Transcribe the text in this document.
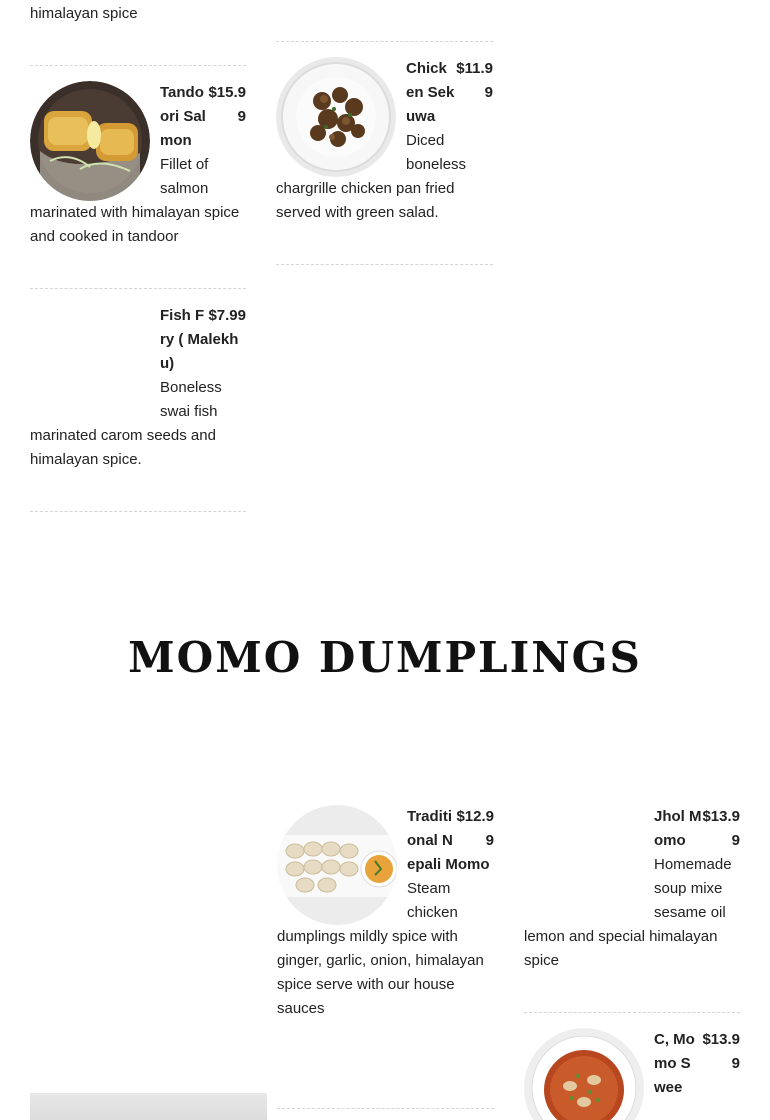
himalayan spice
$15.99
Tandoori Salmon
Fillet of salmon marinated with himalayan spice and cooked in tandoor
$7.99
Fish Fry ( Malekhu)
Boneless swai fish marinated carom seeds and himalayan spice.
$11.99
Chicken Sekuwa
Diced boneless chargrille chicken pan fried served with green salad.
MOMO DUMPLINGS
$12.99
Traditional Nepali Momo
Steam chicken dumplings mildly spice with ginger, garlic, onion, himalayan spice serve with our house sauces
$13.99
Jhol Momo
Homemade soup mixe sesame oil lemon and special himalayan spice
$13.99
C, Momo Swee
